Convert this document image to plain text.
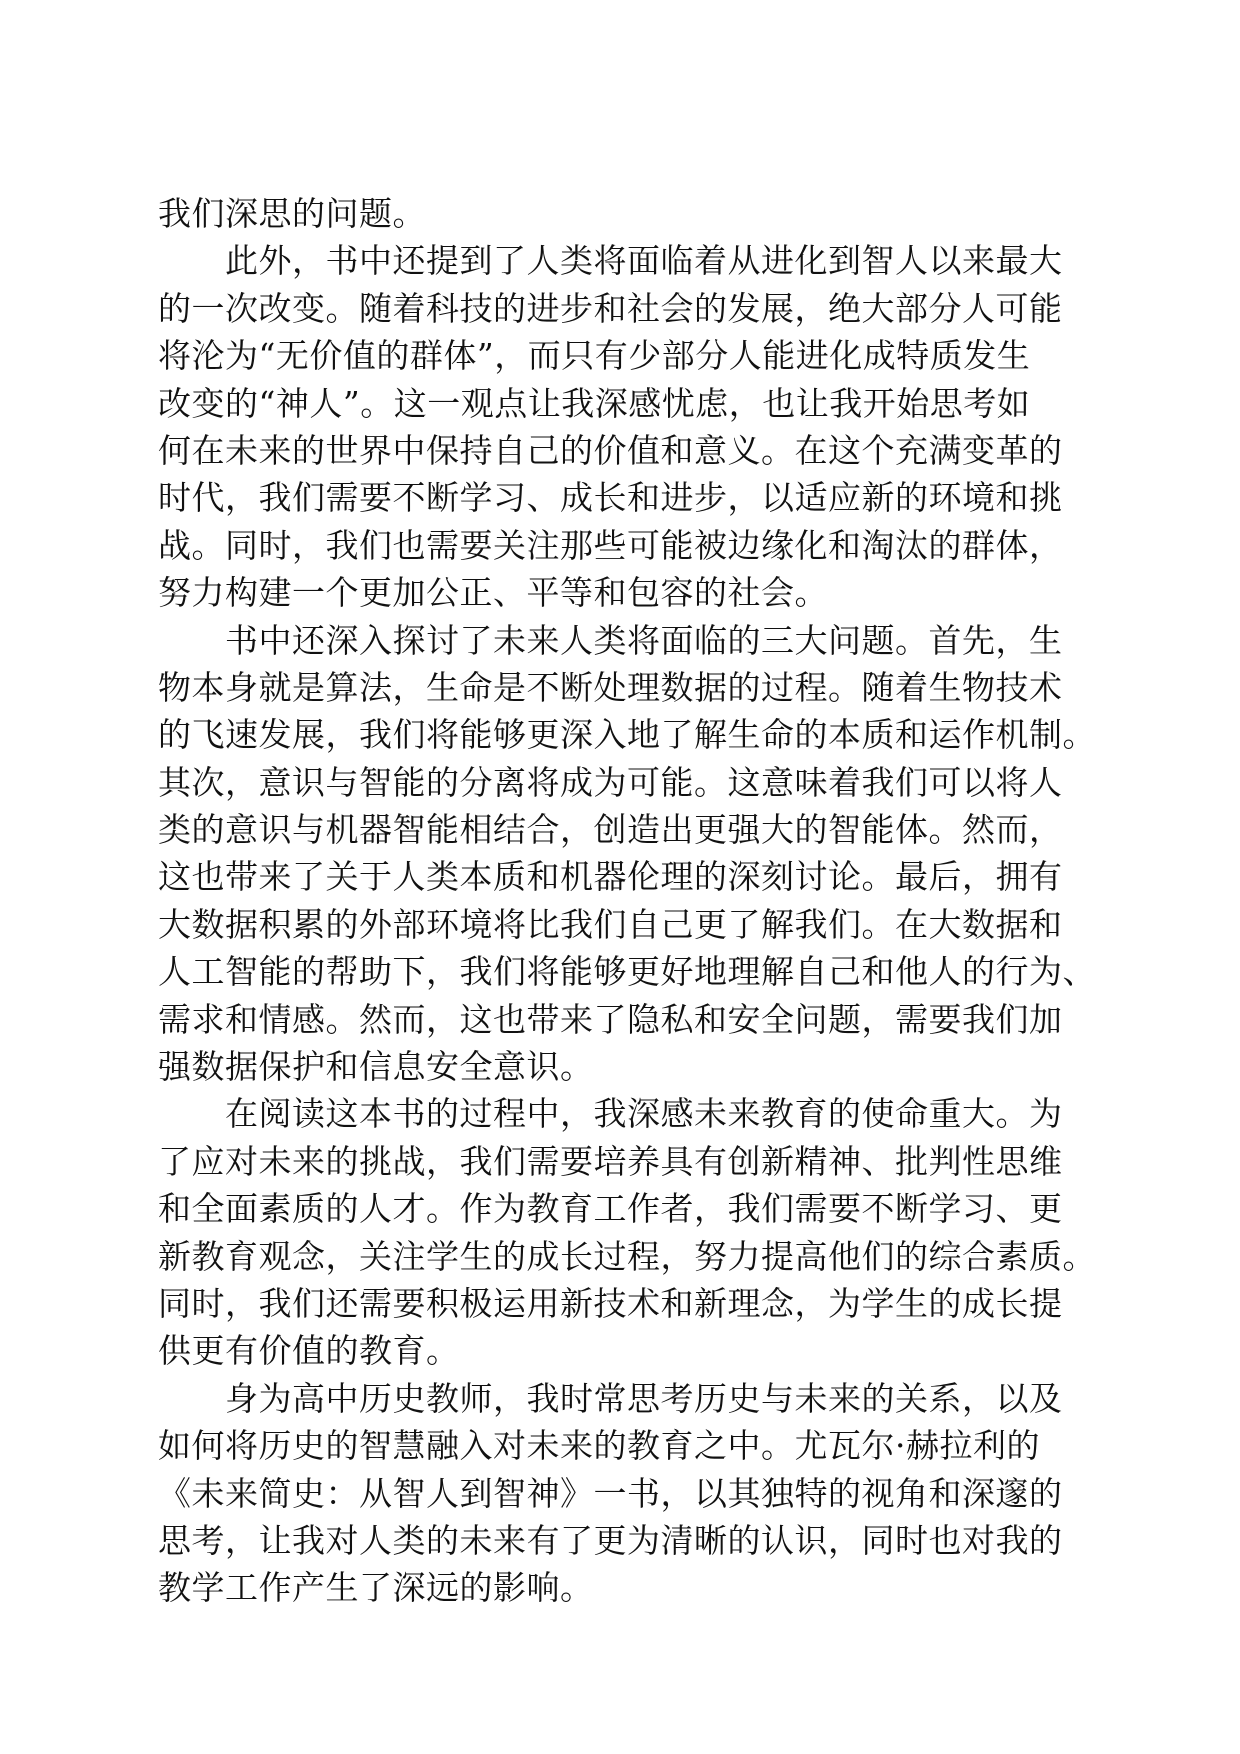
我们深思的问题。
　　此外，书中还提到了人类将面临着从进化到智人以来最大
的一次改变。随着科技的进步和社会的发展，绝大部分人可能
将沦为“无价值的群体”，而只有少部分人能进化成特质发生
改变的“神人”。这一观点让我深感忧虑，也让我开始思考如
何在未来的世界中保持自己的价值和意义。在这个充满变革的
时代，我们需要不断学习、成长和进步，以适应新的环境和挑
战。同时，我们也需要关注那些可能被边缘化和淘汰的群体，
努力构建一个更加公正、平等和包容的社会。
　　书中还深入探讨了未来人类将面临的三大问题。首先，生
物本身就是算法，生命是不断处理数据的过程。随着生物技术
的飞速发展，我们将能够更深入地了解生命的本质和运作机制。
其次，意识与智能的分离将成为可能。这意味着我们可以将人
类的意识与机器智能相结合，创造出更强大的智能体。然而，
这也带来了关于人类本质和机器伦理的深刻讨论。最后，拥有
大数据积累的外部环境将比我们自己更了解我们。在大数据和
人工智能的帮助下，我们将能够更好地理解自己和他人的行为、
需求和情感。然而，这也带来了隐私和安全问题，需要我们加
强数据保护和信息安全意识。
　　在阅读这本书的过程中，我深感未来教育的使命重大。为
了应对未来的挑战，我们需要培养具有创新精神、批判性思维
和全面素质的人才。作为教育工作者，我们需要不断学习、更
新教育观念，关注学生的成长过程，努力提高他们的综合素质。
同时，我们还需要积极运用新技术和新理念，为学生的成长提
供更有价值的教育。
　　身为高中历史教师，我时常思考历史与未来的关系，以及
如何将历史的智慧融入对未来的教育之中。尤瓦尔·赫拉利的
《未来简史：从智人到智神》一书，以其独特的视角和深邃的
思考，让我对人类的未来有了更为清晰的认识，同时也对我的
教学工作产生了深远的影响。
